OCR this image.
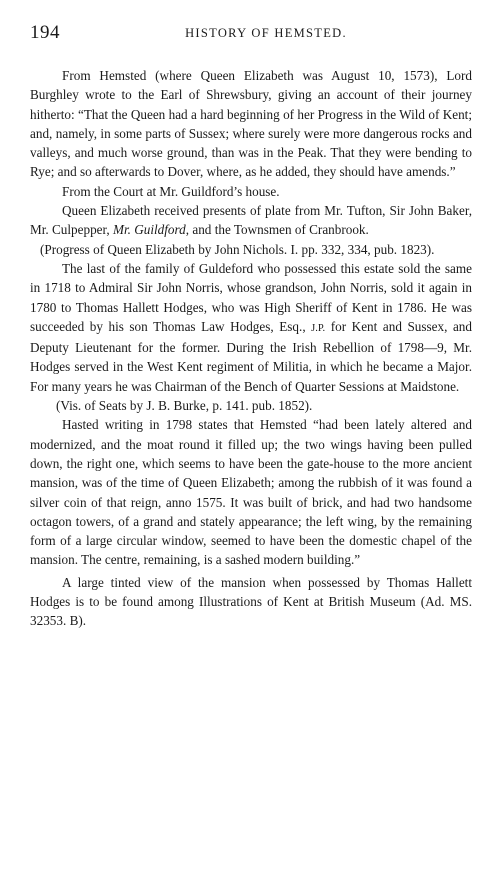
194	HISTORY OF HEMSTED.

From Hemsted (where Queen Elizabeth was August 10, 1573), Lord Burghley wrote to the Earl of Shrewsbury, giving an account of their journey hitherto: “That the Queen had a hard beginning of her Progress in the Wild of Kent; and, namely, in some parts of Sussex; where surely were more dangerous rocks and valleys, and much worse ground, than was in the Peak. That they were bending to Rye; and so afterwards to Dover, where, as he added, they should have amends.”

From the Court at Mr. Guildford’s house.

Queen Elizabeth received presents of plate from Mr. Tufton, Sir John Baker, Mr. Culpepper, Mr. Guildford, and the Townsmen of Cranbrook.

(Progress of Queen Elizabeth by John Nichols. I. pp. 332, 334, pub. 1823).

The last of the family of Guldeford who possessed this estate sold the same in 1718 to Admiral Sir John Norris, whose grandson, John Norris, sold it again in 1780 to Thomas Hallett Hodges, who was High Sheriff of Kent in 1786. He was succeeded by his son Thomas Law Hodges, Esq., J.P. for Kent and Sussex, and Deputy Lieutenant for the former. During the Irish Rebellion of 1798—9, Mr. Hodges served in the West Kent regiment of Militia, in which he became a Major. For many years he was Chairman of the Bench of Quarter Sessions at Maidstone.

(Vis. of Seats by J. B. Burke, p. 141. pub. 1852).

Hasted writing in 1798 states that Hemsted “had been lately altered and modernized, and the moat round it filled up; the two wings having been pulled down, the right one, which seems to have been the gate-house to the more ancient mansion, was of the time of Queen Elizabeth; among the rubbish of it was found a silver coin of that reign, anno 1575. It was built of brick, and had two handsome octagon towers, of a grand and stately appearance; the left wing, by the remaining form of a large circular window, seemed to have been the domestic chapel of the mansion. The centre, remaining, is a sashed modern building.”

A large tinted view of the mansion when possessed by Thomas Hallett Hodges is to be found among Illustrations of Kent at British Museum (Ad. MS. 32353. B).
